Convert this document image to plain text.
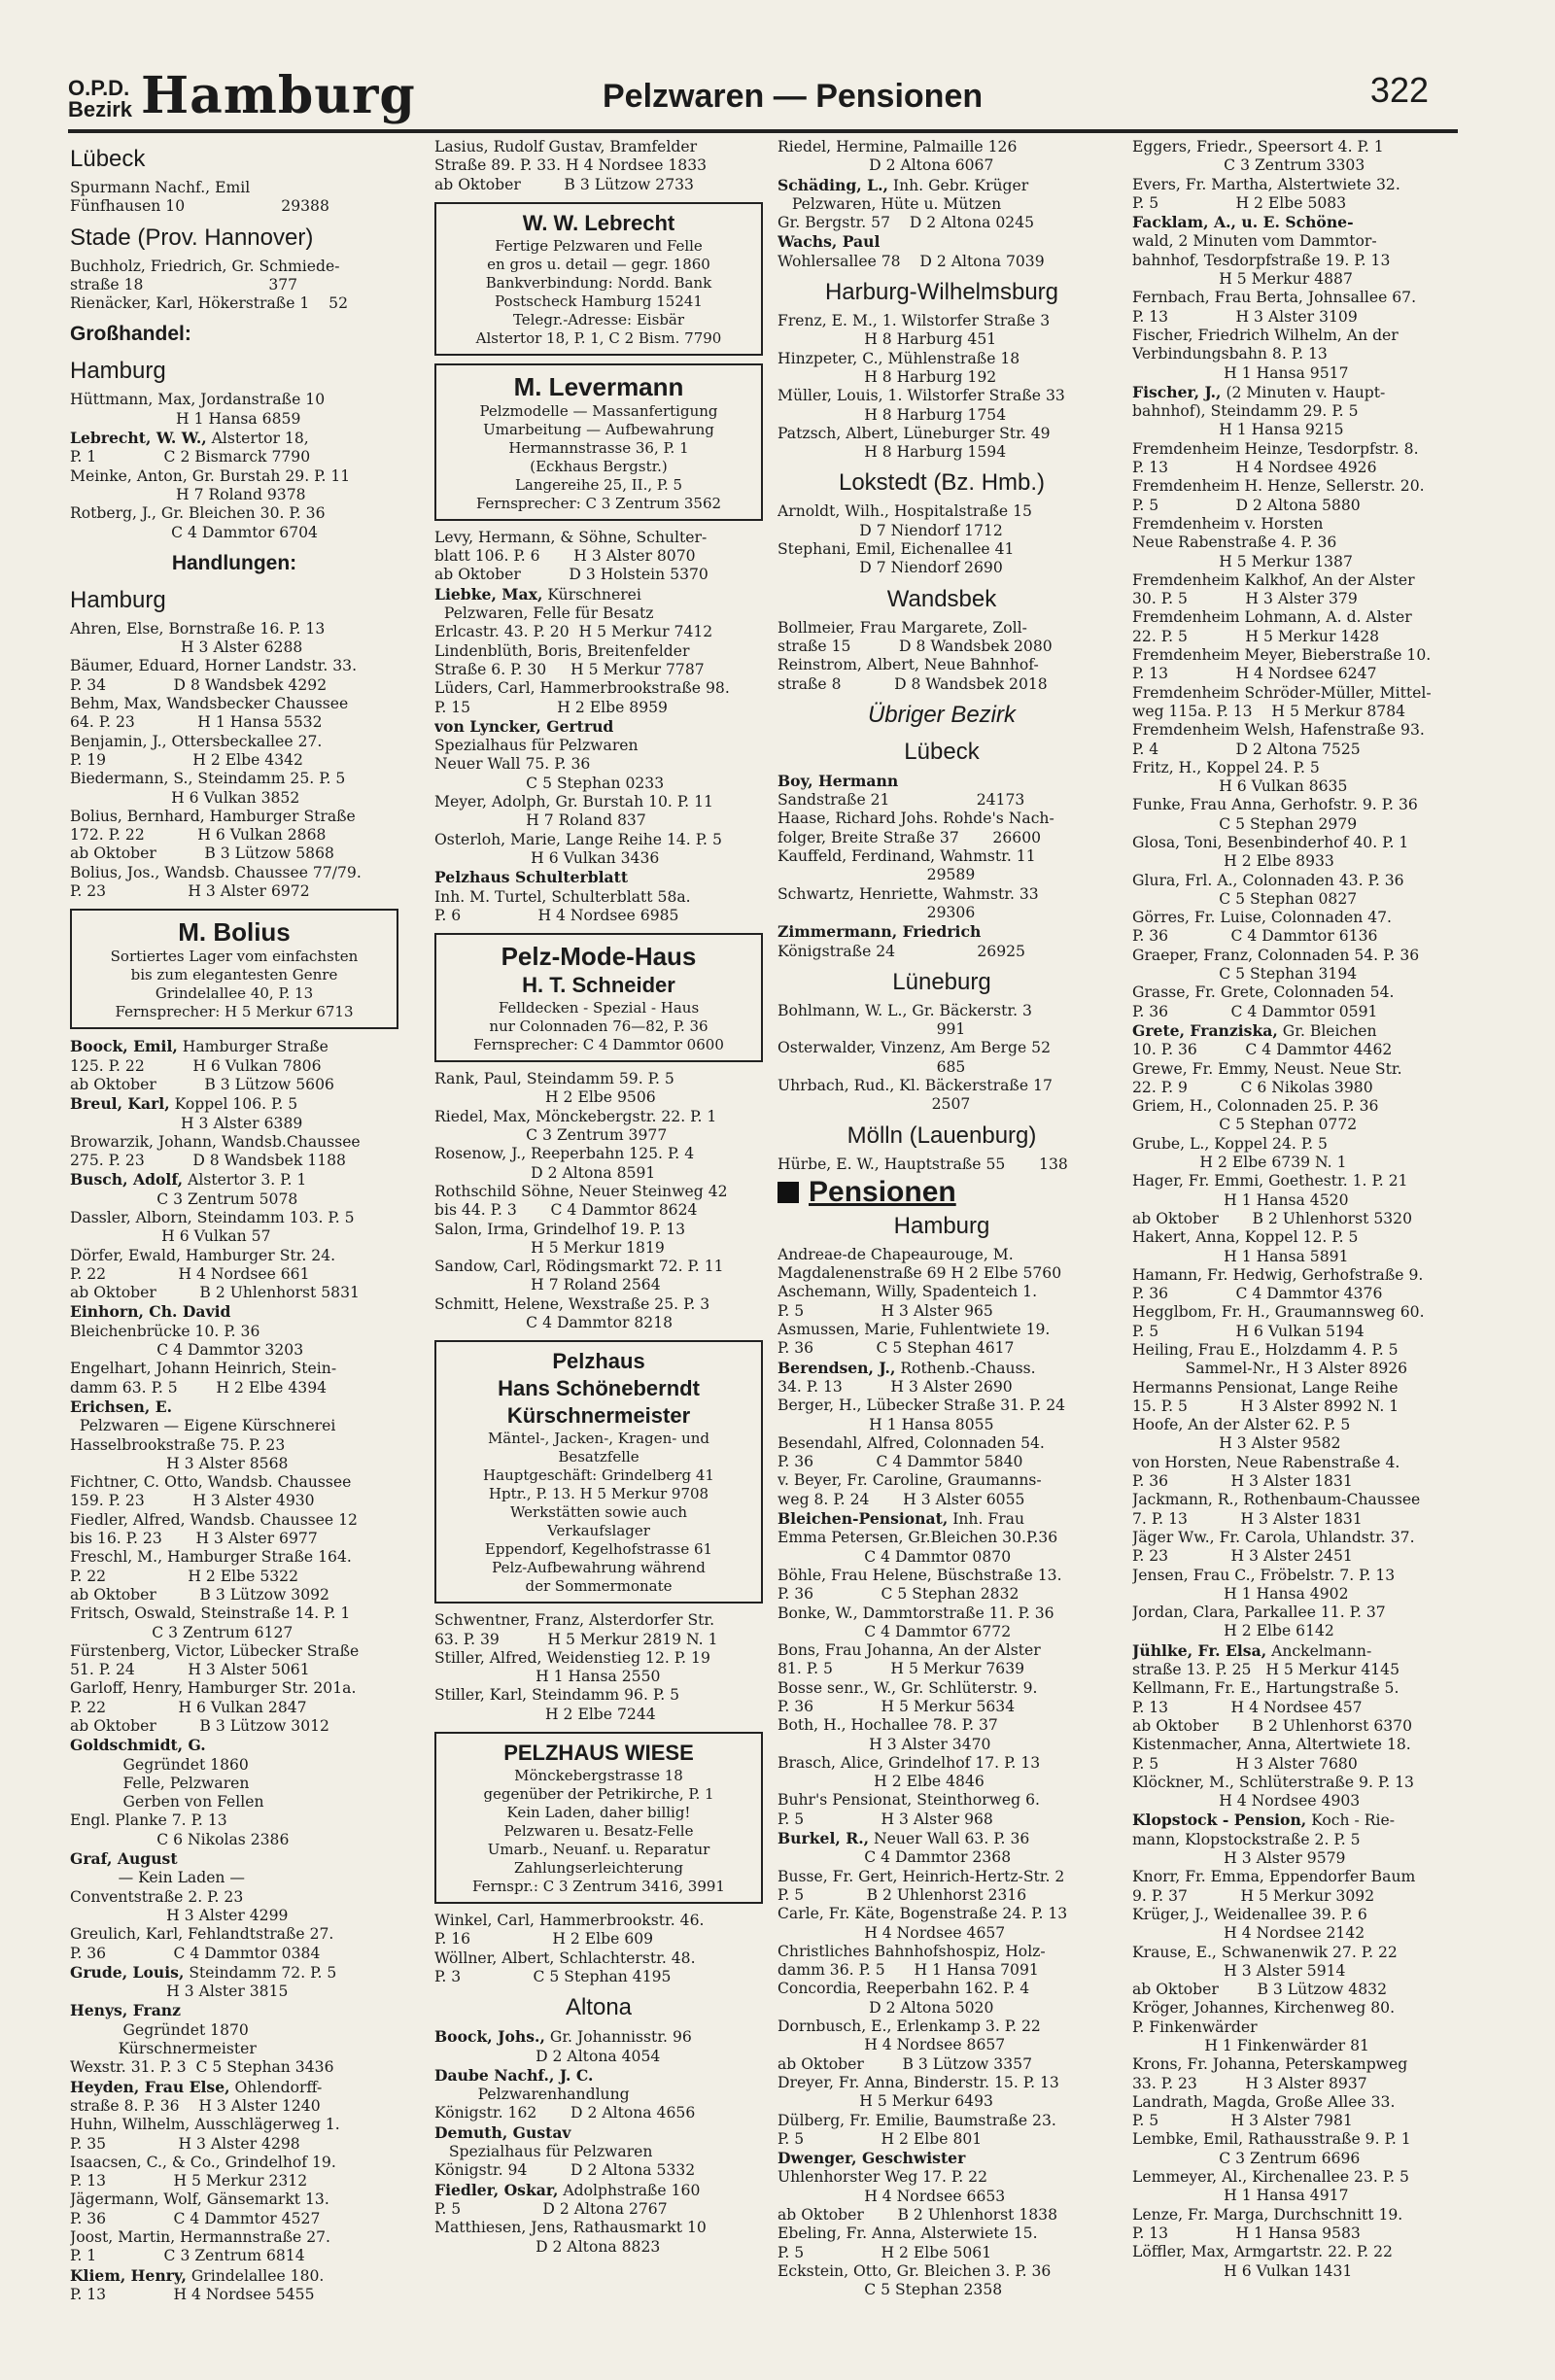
O.P.D.
Bezirk Hamburg	Pelzwaren — Pensionen	322
Lübeck
Spurmann Nachf., Emil
Fünfhausen 10                    29388
Stade (Prov. Hannover)
Buchholz, Friedrich, Gr. Schmiede-
straße 18                          377
Rienäcker, Karl, Hökerstraße 1    52
Großhandel:
Hamburg
Hüttmann, Max, Jordanstraße 10
H 1 Hansa 6859
Lebrecht, W. W., Alstertor 18,
P. 1              C 2 Bismarck 7790
Meinke, Anton, Gr. Burstah 29. P. 11
H 7 Roland 9378
Rotberg, J., Gr. Bleichen 30. P. 36
C 4 Dammtor 6704
Handlungen:
Hamburg
Ahren, Else, Bornstraße 16. P. 13
H 3 Alster 6288
Bäumer, Eduard, Horner Landstr. 33.
P. 34              D 8 Wandsbek 4292
Behm, Max, Wandsbecker Chaussee
64. P. 23             H 1 Hansa 5532
Benjamin, J., Ottersbeckallee 27.
P. 19                  H 2 Elbe 4342
Biedermann, S., Steindamm 25. P. 5
H 6 Vulkan 3852
Bolius, Bernhard, Hamburger Straße
172. P. 22           H 6 Vulkan 2868
ab Oktober          B 3 Lützow 5868
Bolius, Jos., Wandsb. Chaussee 77/79.
P. 23                 H 3 Alster 6972
M. Bolius
Sortiertes Lager vom einfachsten
bis zum elegantesten Genre
Grindelallee 40, P. 13
Fernsprecher: H 5 Merkur 6713
Boock, Emil, Hamburger Straße
125. P. 22          H 6 Vulkan 7806
ab Oktober          B 3 Lützow 5606
Breul, Karl, Koppel 106. P. 5
H 3 Alster 6389
Browarzik, Johann, Wandsb.Chaussee
275. P. 23          D 8 Wandsbek 1188
Busch, Adolf, Alstertor 3. P. 1
C 3 Zentrum 5078
Dassler, Alborn, Steindamm 103. P. 5
H 6 Vulkan 57
Dörfer, Ewald, Hamburger Str. 24.
P. 22               H 4 Nordsee 661
ab Oktober         B 2 Uhlenhorst 5831
Einhorn, Ch. David
Bleichenbrücke 10. P. 36
C 4 Dammtor 3203
Engelhart, Johann Heinrich, Stein-
damm 63. P. 5        H 2 Elbe 4394
Erichsen, E.
Pelzwaren — Eigene Kürschnerei
Hasselbrookstraße 75. P. 23
H 3 Alster 8568
Fichtner, C. Otto, Wandsb. Chaussee
159. P. 23          H 3 Alster 4930
Fiedler, Alfred, Wandsb. Chaussee 12
bis 16. P. 23       H 3 Alster 6977
Freschl, M., Hamburger Straße 164.
P. 22                 H 2 Elbe 5322
ab Oktober         B 3 Lützow 3092
Fritsch, Oswald, Steinstraße 14. P. 1
C 3 Zentrum 6127
Fürstenberg, Victor, Lübecker Straße
51. P. 24           H 3 Alster 5061
Garloff, Henry, Hamburger Str. 201a.
P. 22               H 6 Vulkan 2847
ab Oktober         B 3 Lützow 3012
Goldschmidt, G.
Gegründet 1860
Felle, Pelzwaren
Gerben von Fellen
Engl. Planke 7. P. 13
C 6 Nikolas 2386
Graf, August
— Kein Laden —
Conventstraße 2. P. 23
H 3 Alster 4299
Greulich, Karl, Fehlandtstraße 27.
P. 36              C 4 Dammtor 0384
Grude, Louis, Steindamm 72. P. 5
H 3 Alster 3815
Henys, Franz
Gegründet 1870
Kürschnermeister
Wexstr. 31. P. 3  C 5 Stephan 3436
Heyden, Frau Else, Ohlendorff-
straße 8. P. 36    H 3 Alster 1240
Huhn, Wilhelm, Ausschlägerweg 1.
P. 35               H 3 Alster 4298
Isaacsen, C., & Co., Grindelhof 19.
P. 13              H 5 Merkur 2312
Jägermann, Wolf, Gänsemarkt 13.
P. 36              C 4 Dammtor 4527
Joost, Martin, Hermannstraße 27.
P. 1              C 3 Zentrum 6814
Kliem, Henry, Grindelallee 180.
P. 13              H 4 Nordsee 5455
Lasius, Rudolf Gustav, Bramfelder
Straße 89. P. 33. H 4 Nordsee 1833
ab Oktober         B 3 Lützow 2733
W. W. Lebrecht
Fertige Pelzwaren und Felle
en gros u. detail — gegr. 1860
Bankverbindung: Nordd. Bank
Postscheck Hamburg 15241
Telegr.-Adresse: Eisbär
Alstertor 18, P. 1, C 2 Bism. 7790
M. Levermann
Pelzmodelle — Massanfertigung
Umarbeitung — Aufbewahrung
Hermannstrasse 36, P. 1
(Eckhaus Bergstr.)
Langereihe 25, II., P. 5
Fernsprecher: C 3 Zentrum 3562
Levy, Hermann, & Söhne, Schulter-
blatt 106. P. 6       H 3 Alster 8070
ab Oktober          D 3 Holstein 5370
Liebke, Max, Kürschnerei
Pelzwaren, Felle für Besatz
Erlcastr. 43. P. 20  H 5 Merkur 7412
Lindenblüth, Boris, Breitenfelder
Straße 6. P. 30     H 5 Merkur 7787
Lüders, Carl, Hammerbrookstraße 98.
P. 15                  H 2 Elbe 8959
von Lyncker, Gertrud
Spezialhaus für Pelzwaren
Neuer Wall 75. P. 36
C 5 Stephan 0233
Meyer, Adolph, Gr. Burstah 10. P. 11
H 7 Roland 837
Osterloh, Marie, Lange Reihe 14. P. 5
H 6 Vulkan 3436
Pelzhaus Schulterblatt
Inh. M. Turtel, Schulterblatt 58a.
P. 6                H 4 Nordsee 6985
Pelz-Mode-Haus
H. T. Schneider
Felldecken - Spezial - Haus
nur Colonnaden 76—82, P. 36
Fernsprecher: C 4 Dammtor 0600
Rank, Paul, Steindamm 59. P. 5
H 2 Elbe 9506
Riedel, Max, Mönckebergstr. 22. P. 1
C 3 Zentrum 3977
Rosenow, J., Reeperbahn 125. P. 4
D 2 Altona 8591
Rothschild Söhne, Neuer Steinweg 42
bis 44. P. 3       C 4 Dammtor 8624
Salon, Irma, Grindelhof 19. P. 13
H 5 Merkur 1819
Sandow, Carl, Rödingsmarkt 72. P. 11
H 7 Roland 2564
Schmitt, Helene, Wexstraße 25. P. 3
C 4 Dammtor 8218
Pelzhaus
Hans Schöneberndt
Kürschnermeister
Mäntel-, Jacken-, Kragen- und
Besatzfelle
Hauptgeschäft: Grindelberg 41
Hptr., P. 13. H 5 Merkur 9708
Werkstätten sowie auch
Verkaufslager
Eppendorf, Kegelhofstrasse 61
Pelz-Aufbewahrung während
der Sommermonate
Schwentner, Franz, Alsterdorfer Str.
63. P. 39          H 5 Merkur 2819 N. 1
Stiller, Alfred, Weidenstieg 12. P. 19
H 1 Hansa 2550
Stiller, Karl, Steindamm 96. P. 5
H 2 Elbe 7244
PELZHAUS WIESE
Mönckebergstrasse 18
gegenüber der Petrikirche, P. 1
Kein Laden, daher billig!
Pelzwaren u. Besatz-Felle
Umarb., Neuanf. u. Reparatur
Zahlungserleichterung
Fernspr.: C 3 Zentrum 3416, 3991
Winkel, Carl, Hammerbrookstr. 46.
P. 16                 H 2 Elbe 609
Wöllner, Albert, Schlachterstr. 48.
P. 3               C 5 Stephan 4195
Altona
Boock, Johs., Gr. Johannisstr. 96
D 2 Altona 4054
Daube Nachf., J. C.
Pelzwarenhandlung
Königstr. 162       D 2 Altona 4656
Demuth, Gustav
Spezialhaus für Pelzwaren
Königstr. 94         D 2 Altona 5332
Fiedler, Oskar, Adolphstraße 160
P. 5                 D 2 Altona 2767
Matthiesen, Jens, Rathausmarkt 10
D 2 Altona 8823
Riedel, Hermine, Palmaille 126
D 2 Altona 6067
Schäding, L., Inh. Gebr. Krüger
Pelzwaren, Hüte u. Mützen
Gr. Bergstr. 57    D 2 Altona 0245
Wachs, Paul
Wohlersallee 78    D 2 Altona 7039
Harburg-Wilhelmsburg
Frenz, E. M., 1. Wilstorfer Straße 3
H 8 Harburg 451
Hinzpeter, C., Mühlenstraße 18
H 8 Harburg 192
Müller, Louis, 1. Wilstorfer Straße 33
H 8 Harburg 1754
Patzsch, Albert, Lüneburger Str. 49
H 8 Harburg 1594
Lokstedt (Bz. Hmb.)
Arnoldt, Wilh., Hospitalstraße 15
D 7 Niendorf 1712
Stephani, Emil, Eichenallee 41
D 7 Niendorf 2690
Wandsbek
Bollmeier, Frau Margarete, Zoll-
straße 15          D 8 Wandsbek 2080
Reinstrom, Albert, Neue Bahnhof-
straße 8           D 8 Wandsbek 2018
Übriger Bezirk
Lübeck
Boy, Hermann
Sandstraße 21                  24173
Haase, Richard Johs. Rohde's Nach-
folger, Breite Straße 37       26600
Kauffeld, Ferdinand, Wahmstr. 11
29589
Schwartz, Henriette, Wahmstr. 33
29306
Zimmermann, Friedrich
Königstraße 24                 26925
Lüneburg
Bohlmann, W. L., Gr. Bäckerstr. 3
991
Osterwalder, Vinzenz, Am Berge 52
685
Uhrbach, Rud., Kl. Bäckerstraße 17
2507
Mölln (Lauenburg)
Hürbe, E. W., Hauptstraße 55       138
Pensionen
Hamburg
Andreae-de Chapeaurouge, M.
Magdalenenstraße 69 H 2 Elbe 5760
Aschemann, Willy, Spadenteich 1.
P. 5                H 3 Alster 965
Asmussen, Marie, Fuhlentwiete 19.
P. 36             C 5 Stephan 4617
Berendsen, J., Rothenb.-Chauss.
34. P. 13          H 3 Alster 2690
Berger, H., Lübecker Straße 31. P. 24
H 1 Hansa 8055
Besendahl, Alfred, Colonnaden 54.
P. 36             C 4 Dammtor 5840
v. Beyer, Fr. Caroline, Graumanns-
weg 8. P. 24       H 3 Alster 6055
Bleichen-Pensionat, Inh. Frau
Emma Petersen, Gr.Bleichen 30.P.36
C 4 Dammtor 0870
Böhle, Frau Helene, Büschstraße 13.
P. 36              C 5 Stephan 2832
Bonke, W., Dammtorstraße 11. P. 36
C 4 Dammtor 6772
Bons, Frau Johanna, An der Alster
81. P. 5            H 5 Merkur 7639
Bosse senr., W., Gr. Schlüterstr. 9.
P. 36              H 5 Merkur 5634
Both, H., Hochallee 78. P. 37
H 3 Alster 3470
Brasch, Alice, Grindelhof 17. P. 13
H 2 Elbe 4846
Buhr's Pensionat, Steinthorweg 6.
P. 5                H 3 Alster 968
Burkel, R., Neuer Wall 63. P. 36
C 4 Dammtor 2368
Busse, Fr. Gert, Heinrich-Hertz-Str. 2
P. 5             B 2 Uhlenhorst 2316
Carle, Fr. Käte, Bogenstraße 24. P. 13
H 4 Nordsee 4657
Christliches Bahnhofshospiz, Holz-
damm 36. P. 5      H 1 Hansa 7091
Concordia, Reeperbahn 162. P. 4
D 2 Altona 5020
Dornbusch, E., Erlenkamp 3. P. 22
H 4 Nordsee 8657
ab Oktober        B 3 Lützow 3357
Dreyer, Fr. Anna, Binderstr. 15. P. 13
H 5 Merkur 6493
Dülberg, Fr. Emilie, Baumstraße 23.
P. 5                H 2 Elbe 801
Dwenger, Geschwister
Uhlenhorster Weg 17. P. 22
H 4 Nordsee 6653
ab Oktober       B 2 Uhlenhorst 1838
Ebeling, Fr. Anna, Alsterwiete 15.
P. 5                H 2 Elbe 5061
Eckstein, Otto, Gr. Bleichen 3. P. 36
C 5 Stephan 2358
Eggers, Friedr., Speersort 4. P. 1
C 3 Zentrum 3303
Evers, Fr. Martha, Alstertwiete 32.
P. 5                H 2 Elbe 5083
Facklam, A., u. E. Schöne-
wald, 2 Minuten vom Dammtor-
bahnhof, Tesdorpfstraße 19. P. 13
H 5 Merkur 4887
Fernbach, Frau Berta, Johnsallee 67.
P. 13              H 3 Alster 3109
Fischer, Friedrich Wilhelm, An der
Verbindungsbahn 8. P. 13
H 1 Hansa 9517
Fischer, J., (2 Minuten v. Haupt-
bahnhof), Steindamm 29. P. 5
H 1 Hansa 9215
Fremdenheim Heinze, Tesdorpfstr. 8.
P. 13              H 4 Nordsee 4926
Fremdenheim H. Henze, Sellerstr. 20.
P. 5                D 2 Altona 5880
Fremdenheim v. Horsten
Neue Rabenstraße 4. P. 36
H 5 Merkur 1387
Fremdenheim Kalkhof, An der Alster
30. P. 5            H 3 Alster 379
Fremdenheim Lohmann, A. d. Alster
22. P. 5            H 5 Merkur 1428
Fremdenheim Meyer, Bieberstraße 10.
P. 13              H 4 Nordsee 6247
Fremdenheim Schröder-Müller, Mittel-
weg 115a. P. 13    H 5 Merkur 8784
Fremdenheim Welsh, Hafenstraße 93.
P. 4                D 2 Altona 7525
Fritz, H., Koppel 24. P. 5
H 6 Vulkan 8635
Funke, Frau Anna, Gerhofstr. 9. P. 36
C 5 Stephan 2979
Glosa, Toni, Besenbinderhof 40. P. 1
H 2 Elbe 8933
Glura, Frl. A., Colonnaden 43. P. 36
C 5 Stephan 0827
Görres, Fr. Luise, Colonnaden 47.
P. 36             C 4 Dammtor 6136
Graeper, Franz, Colonnaden 54. P. 36
C 5 Stephan 3194
Grasse, Fr. Grete, Colonnaden 54.
P. 36             C 4 Dammtor 0591
Grete, Franziska, Gr. Bleichen
10. P. 36          C 4 Dammtor 4462
Grewe, Fr. Emmy, Neust. Neue Str.
22. P. 9           C 6 Nikolas 3980
Griem, H., Colonnaden 25. P. 36
C 5 Stephan 0772
Grube, L., Koppel 24. P. 5
H 2 Elbe 6739 N. 1
Hager, Fr. Emmi, Goethestr. 1. P. 21
H 1 Hansa 4520
ab Oktober       B 2 Uhlenhorst 5320
Hakert, Anna, Koppel 12. P. 5
H 1 Hansa 5891
Hamann, Fr. Hedwig, Gerhofstraße 9.
P. 36              C 4 Dammtor 4376
Hegglbom, Fr. H., Graumannsweg 60.
P. 5                H 6 Vulkan 5194
Heiling, Frau E., Holzdamm 4. P. 5
Sammel-Nr., H 3 Alster 8926
Hermanns Pensionat, Lange Reihe
15. P. 5           H 3 Alster 8992 N. 1
Hoofe, An der Alster 62. P. 5
H 3 Alster 9582
von Horsten, Neue Rabenstraße 4.
P. 36             H 3 Alster 1831
Jackmann, R., Rothenbaum-Chaussee
7. P. 13           H 3 Alster 1831
Jäger Ww., Fr. Carola, Uhlandstr. 37.
P. 23             H 3 Alster 2451
Jensen, Frau C., Fröbelstr. 7. P. 13
H 1 Hansa 4902
Jordan, Clara, Parkallee 11. P. 37
H 2 Elbe 6142
Jühlke, Fr. Elsa, Anckelmann-
straße 13. P. 25   H 5 Merkur 4145
Kellmann, Fr. E., Hartungstraße 5.
P. 13             H 4 Nordsee 457
ab Oktober       B 2 Uhlenhorst 6370
Kistenmacher, Anna, Altertwiete 18.
P. 5                H 3 Alster 7680
Klöckner, M., Schlüterstraße 9. P. 13
H 4 Nordsee 4903
Klopstock - Pension, Koch - Rie-
mann, Klopstockstraße 2. P. 5
H 3 Alster 9579
Knorr, Fr. Emma, Eppendorfer Baum
9. P. 37           H 5 Merkur 3092
Krüger, J., Weidenallee 39. P. 6
H 4 Nordsee 2142
Krause, E., Schwanenwik 27. P. 22
H 3 Alster 5914
ab Oktober        B 3 Lützow 4832
Kröger, Johannes, Kirchenweg 80.
P. Finkenwärder
H 1 Finkenwärder 81
Krons, Fr. Johanna, Peterskampweg
33. P. 23          H 3 Alster 8937
Landrath, Magda, Große Allee 33.
P. 5               H 3 Alster 7981
Lembke, Emil, Rathausstraße 9. P. 1
C 3 Zentrum 6696
Lemmeyer, Al., Kirchenallee 23. P. 5
H 1 Hansa 4917
Lenze, Fr. Marga, Durchschnitt 19.
P. 13              H 1 Hansa 9583
Löffler, Max, Armgartstr. 22. P. 22
H 6 Vulkan 1431
